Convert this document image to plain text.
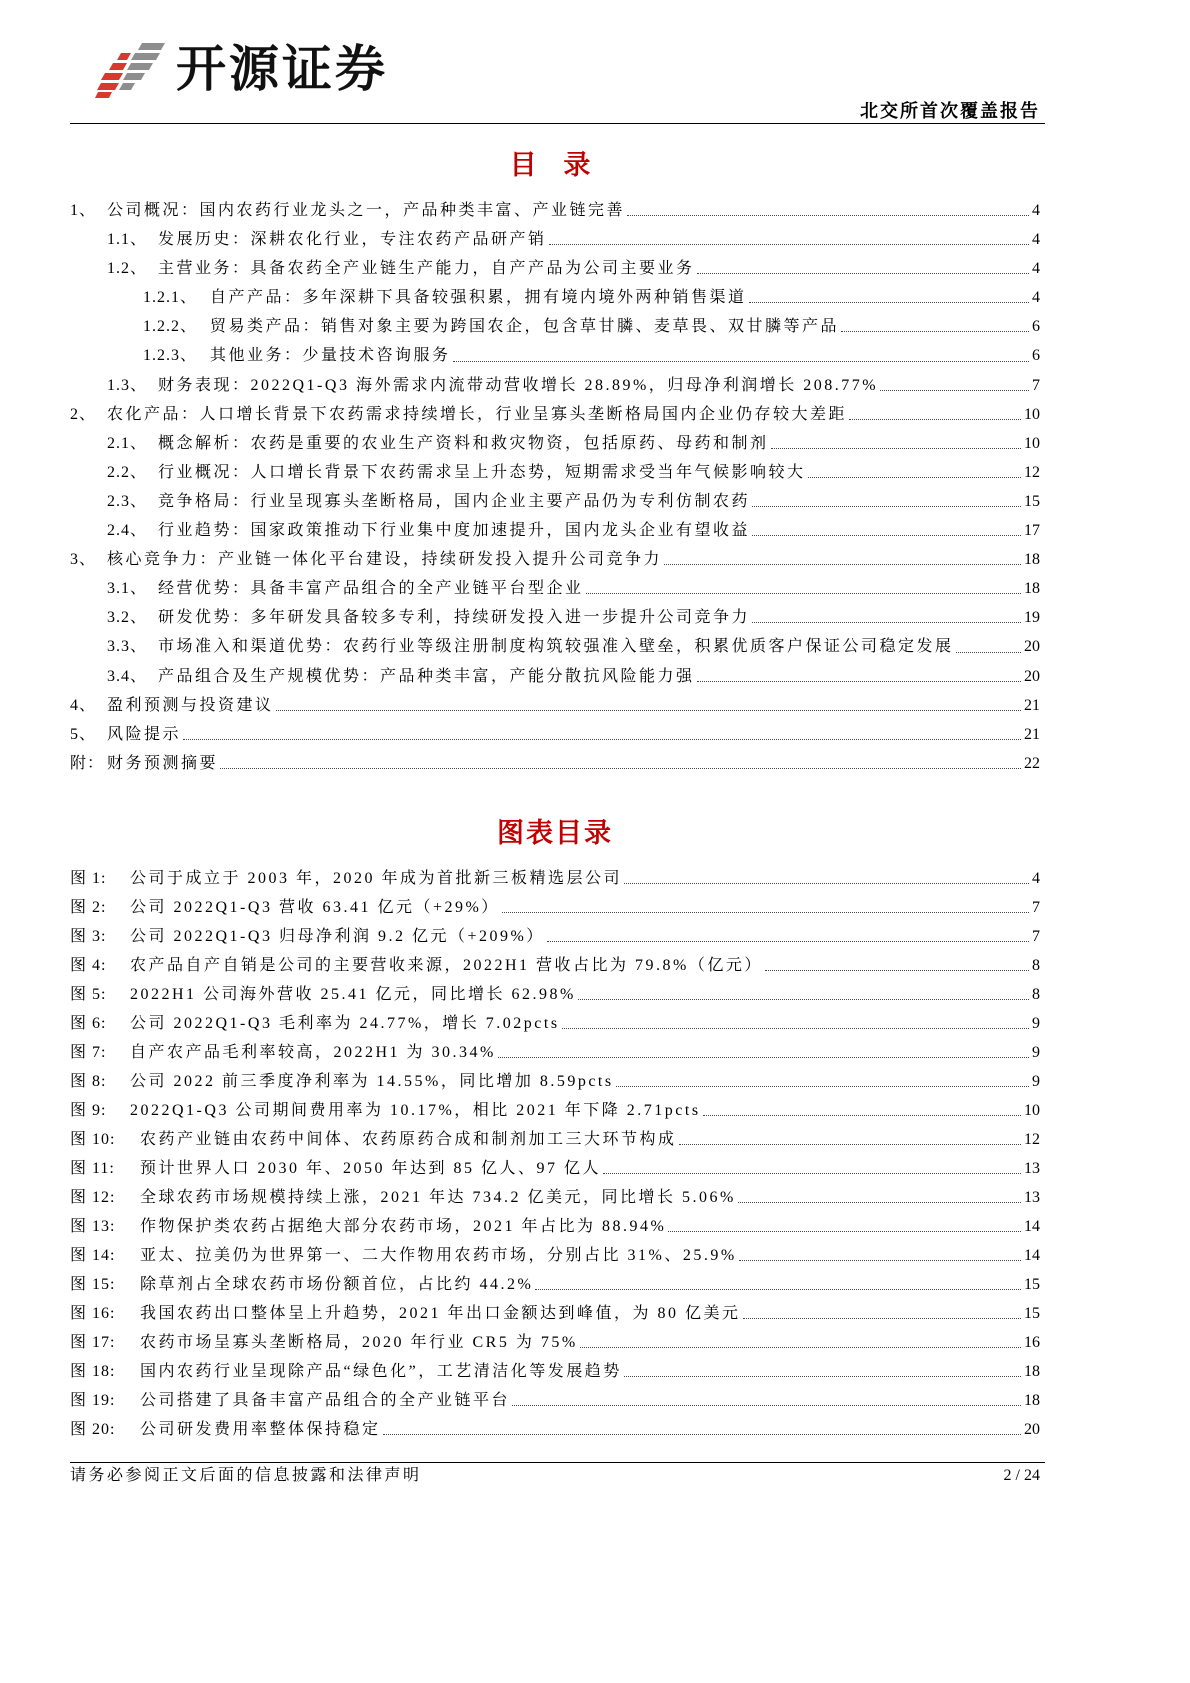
开源证券
北交所首次覆盖报告
目 录
1、 公司概况：国内农药行业龙头之一，产品种类丰富、产业链完善	4
1.1、 发展历史：深耕农化行业，专注农药产品研产销	4
1.2、 主营业务：具备农药全产业链生产能力，自产产品为公司主要业务	4
1.2.1、 自产产品：多年深耕下具备较强积累，拥有境内境外两种销售渠道	4
1.2.2、 贸易类产品：销售对象主要为跨国农企，包含草甘膦、麦草畏、双甘膦等产品	6
1.2.3、 其他业务：少量技术咨询服务	6
1.3、 财务表现：2022Q1-Q3 海外需求内流带动营收增长 28.89%，归母净利润增长 208.77%	7
2、 农化产品：人口增长背景下农药需求持续增长，行业呈寡头垄断格局国内企业仍存较大差距	10
2.1、 概念解析：农药是重要的农业生产资料和救灾物资，包括原药、母药和制剂	10
2.2、 行业概况：人口增长背景下农药需求呈上升态势，短期需求受当年气候影响较大	12
2.3、 竞争格局：行业呈现寡头垄断格局，国内企业主要产品仍为专利仿制农药	15
2.4、 行业趋势：国家政策推动下行业集中度加速提升，国内龙头企业有望收益	17
3、 核心竞争力：产业链一体化平台建设，持续研发投入提升公司竞争力	18
3.1、 经营优势：具备丰富产品组合的全产业链平台型企业	18
3.2、 研发优势：多年研发具备较多专利，持续研发投入进一步提升公司竞争力	19
3.3、 市场准入和渠道优势：农药行业等级注册制度构筑较强准入壁垒，积累优质客户保证公司稳定发展	20
3.4、 产品组合及生产规模优势：产品种类丰富，产能分散抗风险能力强	20
4、 盈利预测与投资建议	21
5、 风险提示	21
附： 财务预测摘要	22
图表目录
图 1:	公司于成立于 2003 年，2020 年成为首批新三板精选层公司	4
图 2:	公司 2022Q1-Q3 营收 63.41 亿元（+29%）	7
图 3:	公司 2022Q1-Q3 归母净利润 9.2 亿元（+209%）	7
图 4:	农产品自产自销是公司的主要营收来源，2022H1 营收占比为 79.8%（亿元）	8
图 5:	2022H1 公司海外营收 25.41 亿元，同比增长 62.98%	8
图 6:	公司 2022Q1-Q3 毛利率为 24.77%，增长 7.02pcts	9
图 7:	自产农产品毛利率较高，2022H1 为 30.34%	9
图 8:	公司 2022 前三季度净利率为 14.55%，同比增加 8.59pcts	9
图 9:	2022Q1-Q3 公司期间费用率为 10.17%，相比 2021 年下降 2.71pcts	10
图 10:	农药产业链由农药中间体、农药原药合成和制剂加工三大环节构成	12
图 11:	预计世界人口 2030 年、2050 年达到 85 亿人、97 亿人	13
图 12:	全球农药市场规模持续上涨，2021 年达 734.2 亿美元，同比增长 5.06%	13
图 13:	作物保护类农药占据绝大部分农药市场，2021 年占比为 88.94%	14
图 14:	亚太、拉美仍为世界第一、二大作物用农药市场，分别占比 31%、25.9%	14
图 15:	除草剂占全球农药市场份额首位，占比约 44.2%	15
图 16:	我国农药出口整体呈上升趋势，2021 年出口金额达到峰值，为 80 亿美元	15
图 17:	农药市场呈寡头垄断格局，2020 年行业 CR5 为 75%	16
图 18:	国内农药行业呈现除产品“绿色化”，工艺清洁化等发展趋势	18
图 19:	公司搭建了具备丰富产品组合的全产业链平台	18
图 20:	公司研发费用率整体保持稳定	20
请务必参阅正文后面的信息披露和法律声明	2 / 24
